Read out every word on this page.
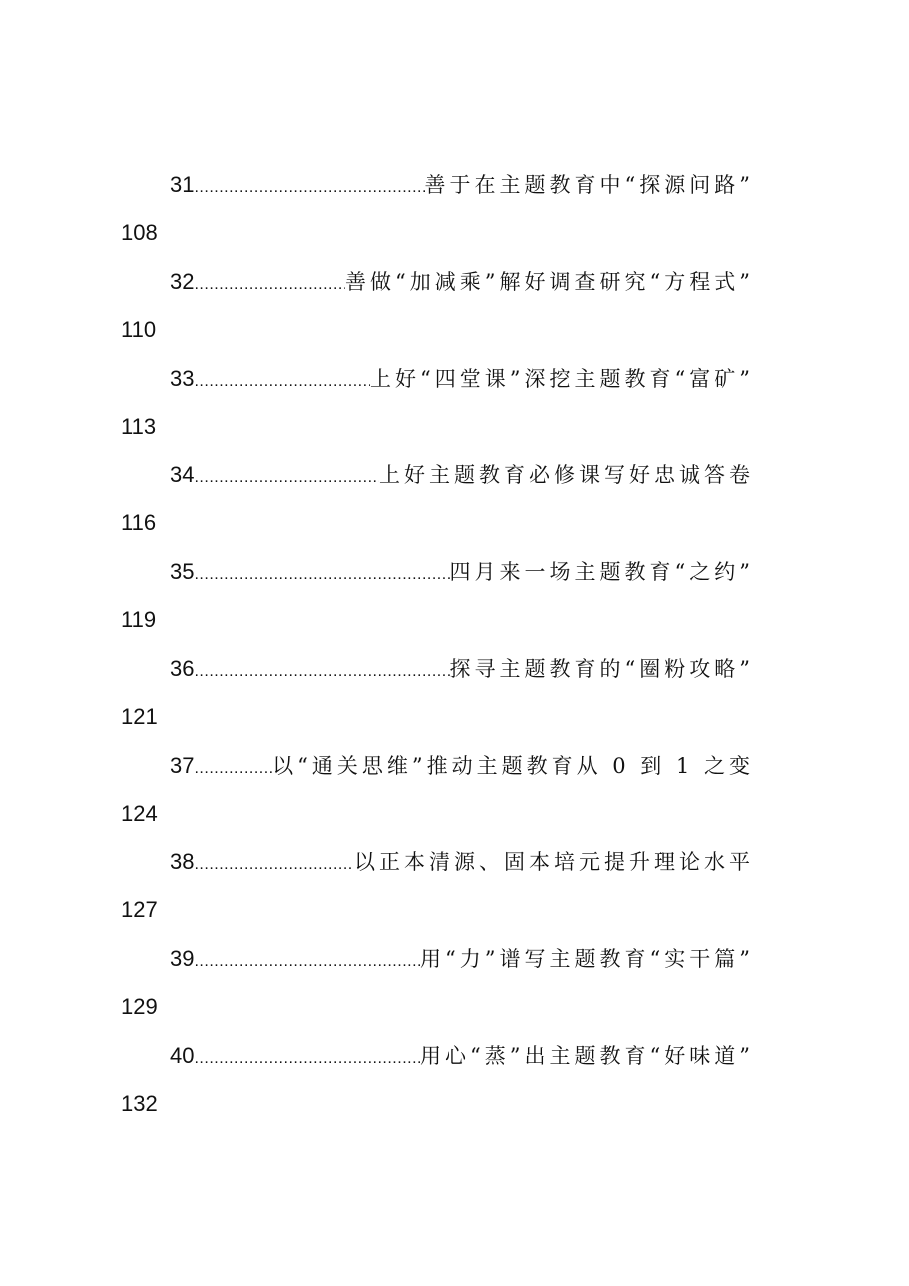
31 .....	善于在主题教育中“探源问路”
108
32 .....	善做“加减乘”解好调查研究“方程式”
110
33 .....	上好“四堂课”深挖主题教育“富矿”
113
34 .....	上好主题教育必修课写好忠诚答卷
116
35 .....	四月来一场主题教育“之约”
119
36 .....	探寻主题教育的“圈粉攻略”
121
37 .....	以“通关思维”推动主题教育从 0 到 1 之变
124
38 .....	以正本清源、固本培元提升理论水平
127
39 .....	用“力”谱写主题教育“实干篇”
129
40 .....	用心“蒸”出主题教育“好味道”
132
